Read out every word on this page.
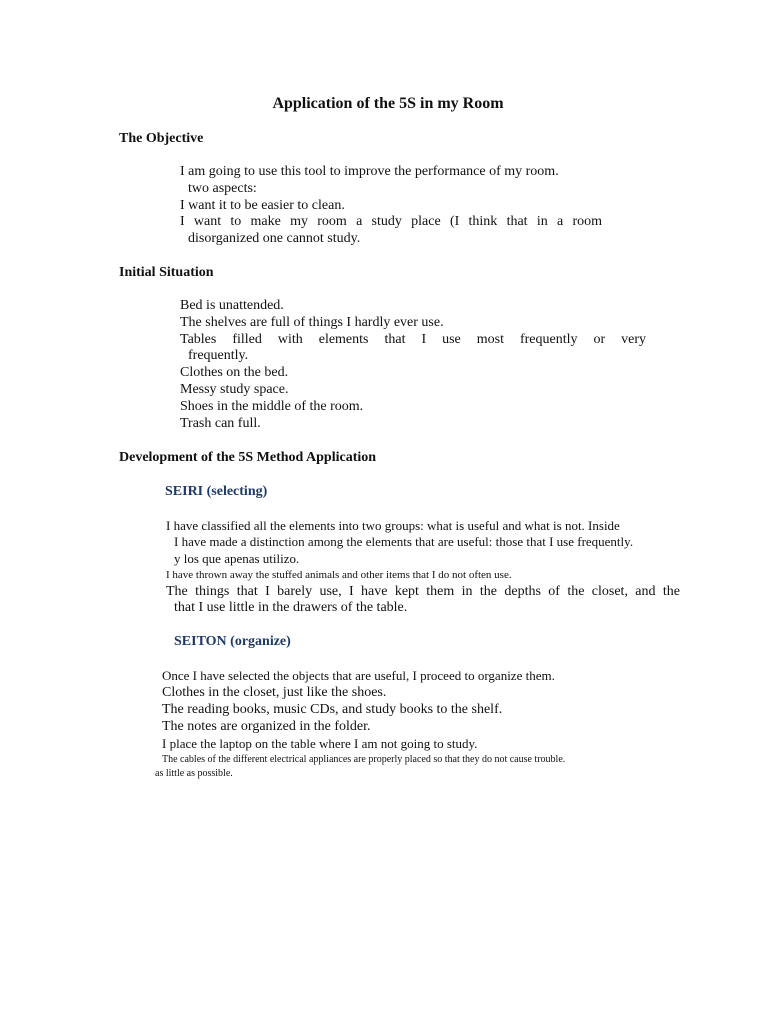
Application of the 5S in my Room
The Objective
I am going to use this tool to improve the performance of my room.
two aspects:
I want it to be easier to clean.
I want to make my room a study place (I think that in a room
disorganized one cannot study.
Initial Situation
Bed is unattended.
The shelves are full of things I hardly ever use.
Tables filled with elements that I use most frequently or very
frequently.
Clothes on the bed.
Messy study space.
Shoes in the middle of the room.
Trash can full.
Development of the 5S Method Application
SEIRI (selecting)
I have classified all the elements into two groups: what is useful and what is not. Inside
I have made a distinction among the elements that are useful: those that I use frequently.
y los que apenas utilizo.
I have thrown away the stuffed animals and other items that I do not often use.
The things that I barely use, I have kept them in the depths of the closet, and the
that I use little in the drawers of the table.
SEITON (organize)
Once I have selected the objects that are useful, I proceed to organize them.
Clothes in the closet, just like the shoes.
The reading books, music CDs, and study books to the shelf.
The notes are organized in the folder.
I place the laptop on the table where I am not going to study.
The cables of the different electrical appliances are properly placed so that they do not cause trouble.
as little as possible.
